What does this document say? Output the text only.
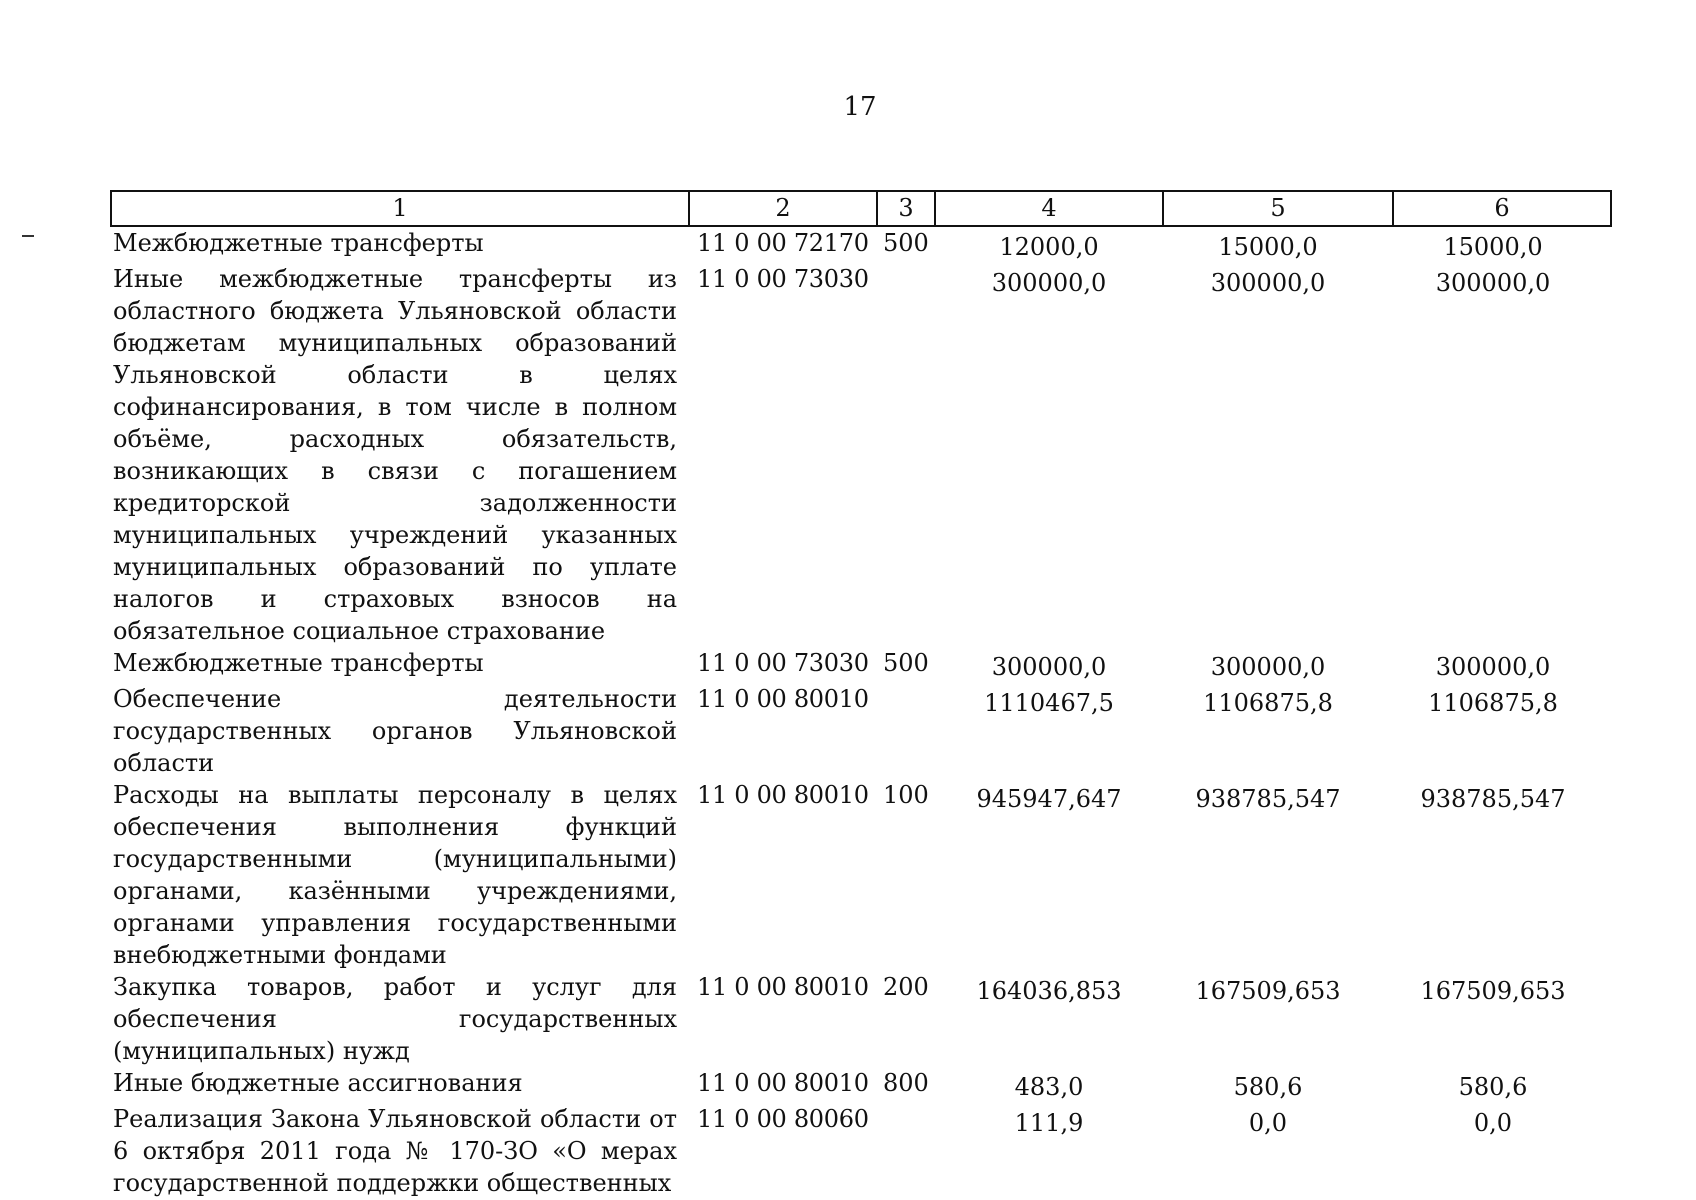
17
1	2	3	4	5	6
Межбюджетные трансферты	11 0 00 72170	500	12000,0	15000,0	15000,0
Иные межбюджетные трансферты из областного бюджета Ульяновской области бюджетам муниципальных образований Ульяновской области в целях софинансирования, в том числе в полном объёме, расходных обязательств, возникающих в связи с погашением кредиторской задолженности муниципальных учреждений указанных муниципальных образований по уплате налогов и страховых взносов на обязательное социальное страхование	11 0 00 73030		300000,0	300000,0	300000,0
Межбюджетные трансферты	11 0 00 73030	500	300000,0	300000,0	300000,0
Обеспечение деятельности государственных органов Ульяновской области	11 0 00 80010		1110467,5	1106875,8	1106875,8
Расходы на выплаты персоналу в целях обеспечения выполнения функций государственными (муниципальными) органами, казёнными учреждениями, органами управления государственными внебюджетными фондами	11 0 00 80010	100	945947,647	938785,547	938785,547
Закупка товаров, работ и услуг для обеспечения государственных (муниципальных) нужд	11 0 00 80010	200	164036,853	167509,653	167509,653
Иные бюджетные ассигнования	11 0 00 80010	800	483,0	580,6	580,6
Реализация Закона Ульяновской области от 6 октября 2011 года № 170-ЗО «О мерах государственной поддержки общественных	11 0 00 80060		111,9	0,0	0,0
